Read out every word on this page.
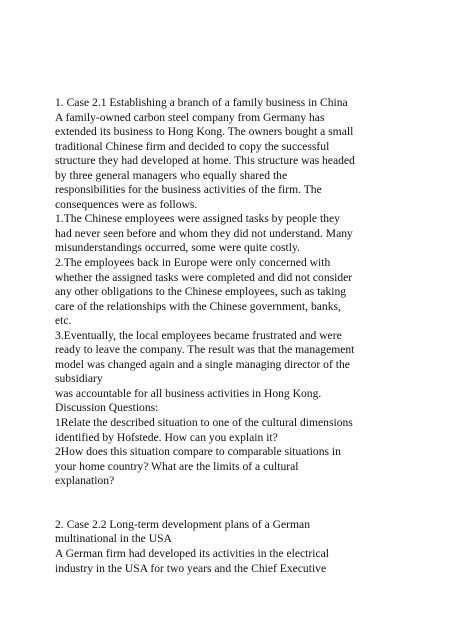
1. Case 2.1 Establishing a branch of a family business in China
A family-owned carbon steel company from Germany has
extended its business to Hong Kong. The owners bought a small
traditional Chinese firm and decided to copy the successful
structure they had developed at home. This structure was headed
by three general managers who equally shared the
responsibilities for the business activities of the firm. The
consequences were as follows.
1.The Chinese employees were assigned tasks by people they
had never seen before and whom they did not understand. Many
misunderstandings occurred, some were quite costly.
2.The employees back in Europe were only concerned with
whether the assigned tasks were completed and did not consider
any other obligations to the Chinese employees, such as taking
care of the relationships with the Chinese government, banks,
etc.
3.Eventually, the local employees became frustrated and were
ready to leave the company. The result was that the management
model was changed again and a single managing director of the
subsidiary
was accountable for all business activities in Hong Kong.
Discussion Questions:
1Relate the described situation to one of the cultural dimensions
identified by Hofstede. How can you explain it?
2How does this situation compare to comparable situations in
your home country? What are the limits of a cultural
explanation?
2. Case 2.2 Long-term development plans of a German
multinational in the USA
A German firm had developed its activities in the electrical
industry in the USA for two years and the Chief Executive
